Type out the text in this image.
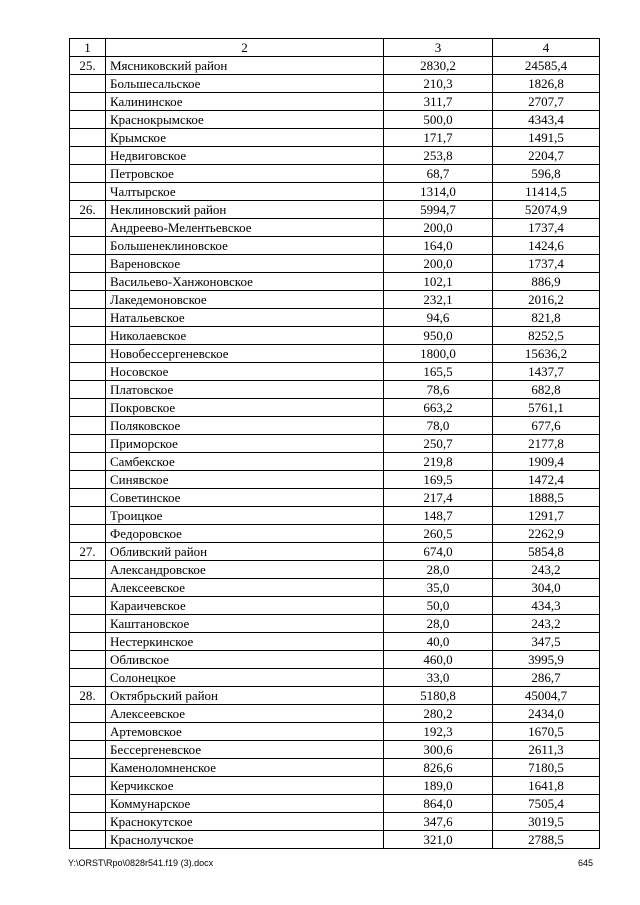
1	2	3	4
25.	Мясниковский район	2830,2	24585,4
	Большесальское	210,3	1826,8
	Калининское	311,7	2707,7
	Краснокрымское	500,0	4343,4
	Крымское	171,7	1491,5
	Недвиговское	253,8	2204,7
	Петровское	68,7	596,8
	Чалтырское	1314,0	11414,5
26.	Неклиновский район	5994,7	52074,9
	Андреево-Мелентьевское	200,0	1737,4
	Большенеклиновское	164,0	1424,6
	Вареновское	200,0	1737,4
	Васильево-Ханжоновское	102,1	886,9
	Лакедемоновское	232,1	2016,2
	Натальевское	94,6	821,8
	Николаевское	950,0	8252,5
	Новобессергеневское	1800,0	15636,2
	Носовское	165,5	1437,7
	Платовское	78,6	682,8
	Покровское	663,2	5761,1
	Поляковское	78,0	677,6
	Приморское	250,7	2177,8
	Самбекское	219,8	1909,4
	Синявское	169,5	1472,4
	Советинское	217,4	1888,5
	Троицкое	148,7	1291,7
	Федоровское	260,5	2262,9
27.	Обливский район	674,0	5854,8
	Александровское	28,0	243,2
	Алексеевское	35,0	304,0
	Караичевское	50,0	434,3
	Каштановское	28,0	243,2
	Нестеркинское	40,0	347,5
	Обливское	460,0	3995,9
	Солонецкое	33,0	286,7
28.	Октябрьский район	5180,8	45004,7
	Алексеевское	280,2	2434,0
	Артемовское	192,3	1670,5
	Бессергеневское	300,6	2611,3
	Каменоломненское	826,6	7180,5
	Керчикское	189,0	1641,8
	Коммунарское	864,0	7505,4
	Краснокутское	347,6	3019,5
	Краснолучское	321,0	2788,5
Y:\ORST\Rpo\0828r541.f19 (3).docx	645
